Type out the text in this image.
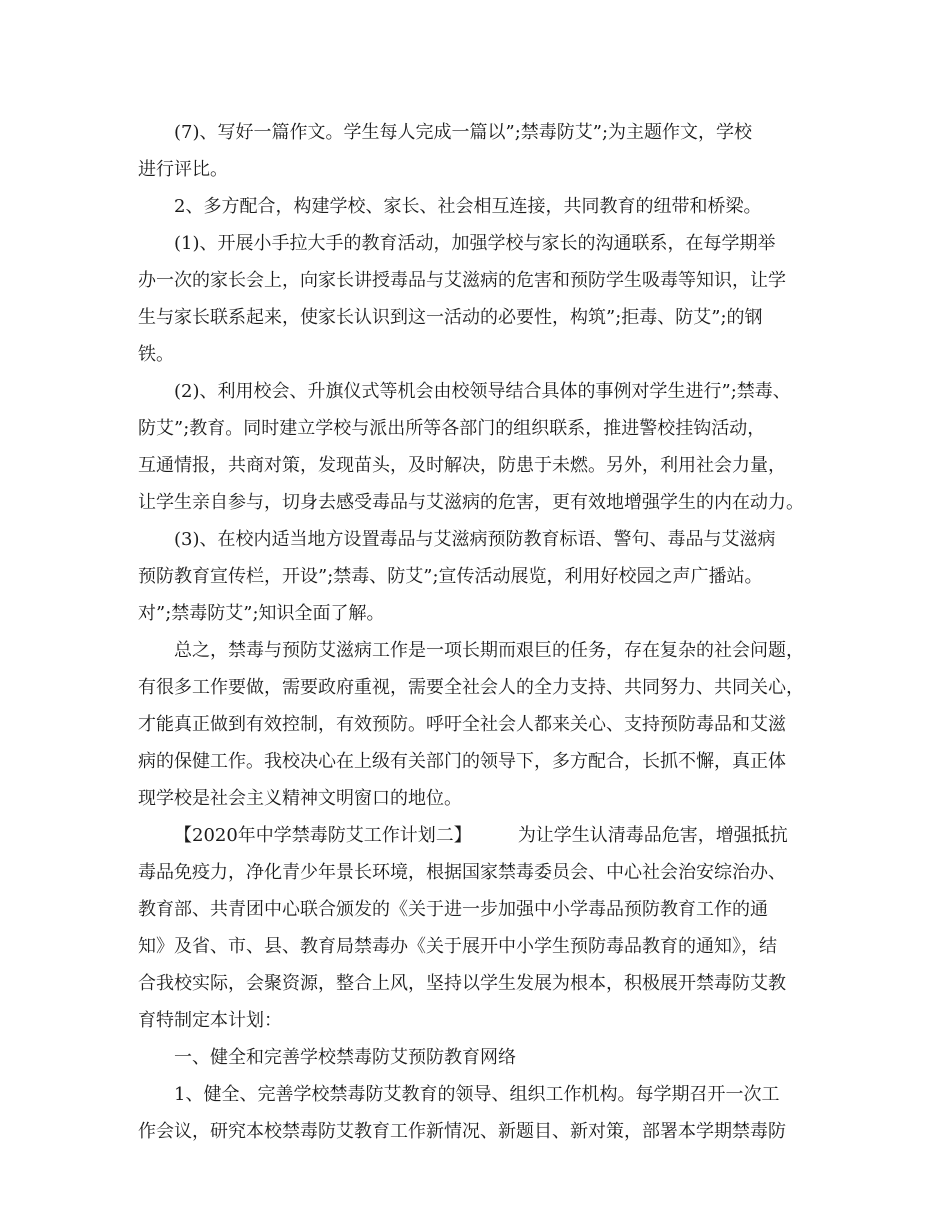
(7)、写好一篇作文。学生每人完成一篇以”;禁毒防艾”;为主题作文，学校
进行评比。
2、多方配合，构建学校、家长、社会相互连接，共同教育的纽带和桥梁。
(1)、开展小手拉大手的教育活动，加强学校与家长的沟通联系，在每学期举
办一次的家长会上，向家长讲授毒品与艾滋病的危害和预防学生吸毒等知识，让学
生与家长联系起来，使家长认识到这一活动的必要性，构筑”;拒毒、防艾”;的钢
铁。
(2)、利用校会、升旗仪式等机会由校领导结合具体的事例对学生进行”;禁毒、
防艾”;教育。同时建立学校与派出所等各部门的组织联系，推进警校挂钩活动，
互通情报，共商对策，发现苗头，及时解决，防患于未燃。另外，利用社会力量，
让学生亲自参与，切身去感受毒品与艾滋病的危害，更有效地增强学生的内在动力。
(3)、在校内适当地方设置毒品与艾滋病预防教育标语、警句、毒品与艾滋病
预防教育宣传栏，开设”;禁毒、防艾”;宣传活动展览，利用好校园之声广播站。
对”;禁毒防艾”;知识全面了解。
总之，禁毒与预防艾滋病工作是一项长期而艰巨的任务，存在复杂的社会问题，
有很多工作要做，需要政府重视，需要全社会人的全力支持、共同努力、共同关心，
才能真正做到有效控制，有效预防。呼吁全社会人都来关心、支持预防毒品和艾滋
病的保健工作。我校决心在上级有关部门的领导下，多方配合，长抓不懈，真正体
现学校是社会主义精神文明窗口的地位。
【2020年中学禁毒防艾工作计划二】	为让学生认清毒品危害，增强抵抗
毒品免疫力，净化青少年景长环境，根据国家禁毒委员会、中心社会治安综治办、
教育部、共青团中心联合颁发的《关于进一步加强中小学毒品预防教育工作的通
知》及省、市、县、教育局禁毒办《关于展开中小学生预防毒品教育的通知》，结
合我校实际，会聚资源，整合上风，坚持以学生发展为根本，积极展开禁毒防艾教
育特制定本计划：
一、健全和完善学校禁毒防艾预防教育网络
1、健全、完善学校禁毒防艾教育的领导、组织工作机构。每学期召开一次工
作会议，研究本校禁毒防艾教育工作新情况、新题目、新对策，部署本学期禁毒防
